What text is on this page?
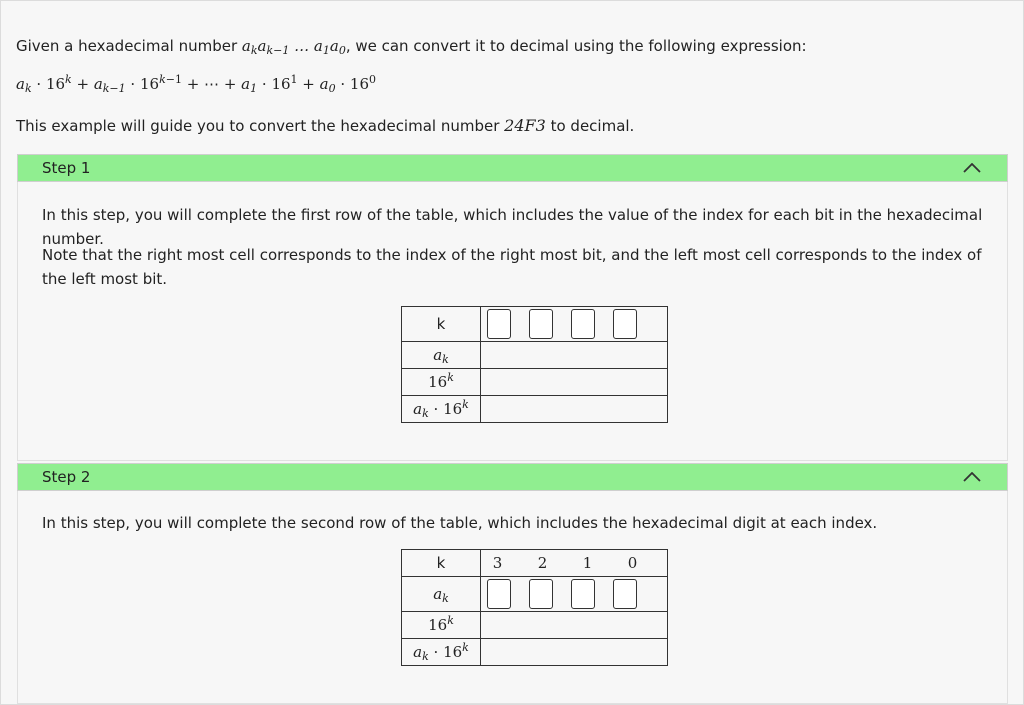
Given a hexadecimal number $a_ka_{k-1}$ … $a_1a_0$, we can convert it to decimal using the following expression:
$a_k \cdot 16^k + a_{k-1} \cdot 16^{k-1}$ + ⋯ + $a_1 \cdot 16^1 + a_0 \cdot 16^0$
This example will guide you to convert the hexadecimal number 24F3 to decimal.
Step 1
In this step, you will complete the first row of the table, which includes the value of the index for each bit in the hexadecimal number.
Note that the right most cell corresponds to the index of the right most bit, and the left most cell corresponds to the index of the left most bit.
k	
$a_k$	
16$^k$	
$a_k \cdot 16^k$	
Step 2
In this step, you will complete the second row of the table, which includes the hexadecimal digit at each index.
k	3 2 1 0
$a_k$	
16$^k$	
$a_k \cdot 16^k$	
